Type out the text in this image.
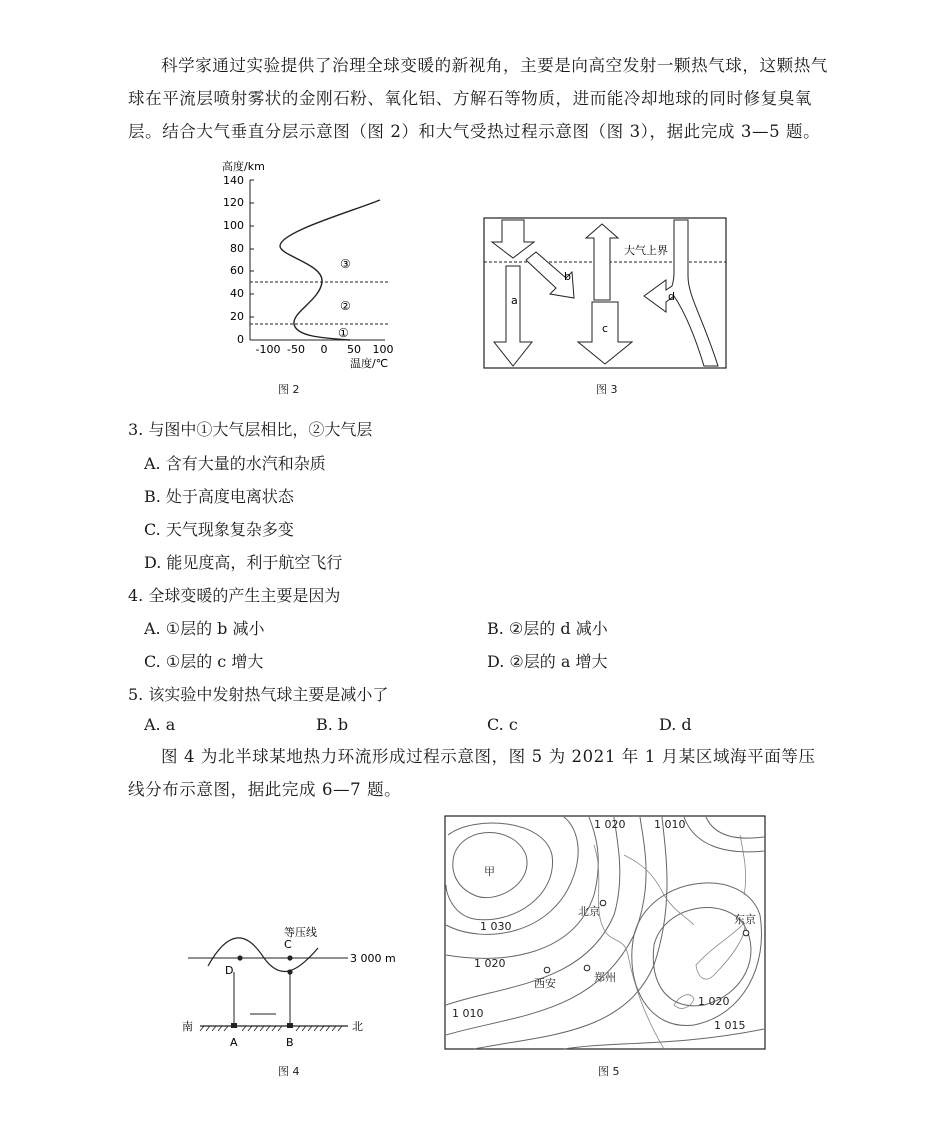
科学家通过实验提供了治理全球变暖的新视角，主要是向高空发射一颗热气球，这颗热气球在平流层喷射雾状的金刚石粉、氧化铝、方解石等物质，进而能冷却地球的同时修复臭氧层。结合大气垂直分层示意图（图 2）和大气受热过程示意图（图 3），据此完成 3—5 题。
高度/km
140
120
100
80
60
40
20
0
-100 -50 0 50 100
温度/℃
①
②
③
图 2
大气上界
a
b
c
d
图 3
3. 与图中①大气层相比，②大气层
A. 含有大量的水汽和杂质
B. 处于高度电离状态
C. 天气现象复杂多变
D. 能见度高，利于航空飞行
4. 全球变暖的产生主要是因为
A. ①层的 b 减小	B. ②层的 d 减小
C. ①层的 c 增大	D. ②层的 a 增大
5. 该实验中发射热气球主要是减小了
A. a	B. b	C. c	D. d
图 4 为北半球某地热力环流形成过程示意图，图 5 为 2021 年 1 月某区域海平面等压线分布示意图，据此完成 6—7 题。
等压线
C
D
3 000 m
南	北
A	B
图 4
1 020	1 010
1 030
1 020
1 010
1 020
1 015
甲
北京
东京
西安	郑州
图 5
